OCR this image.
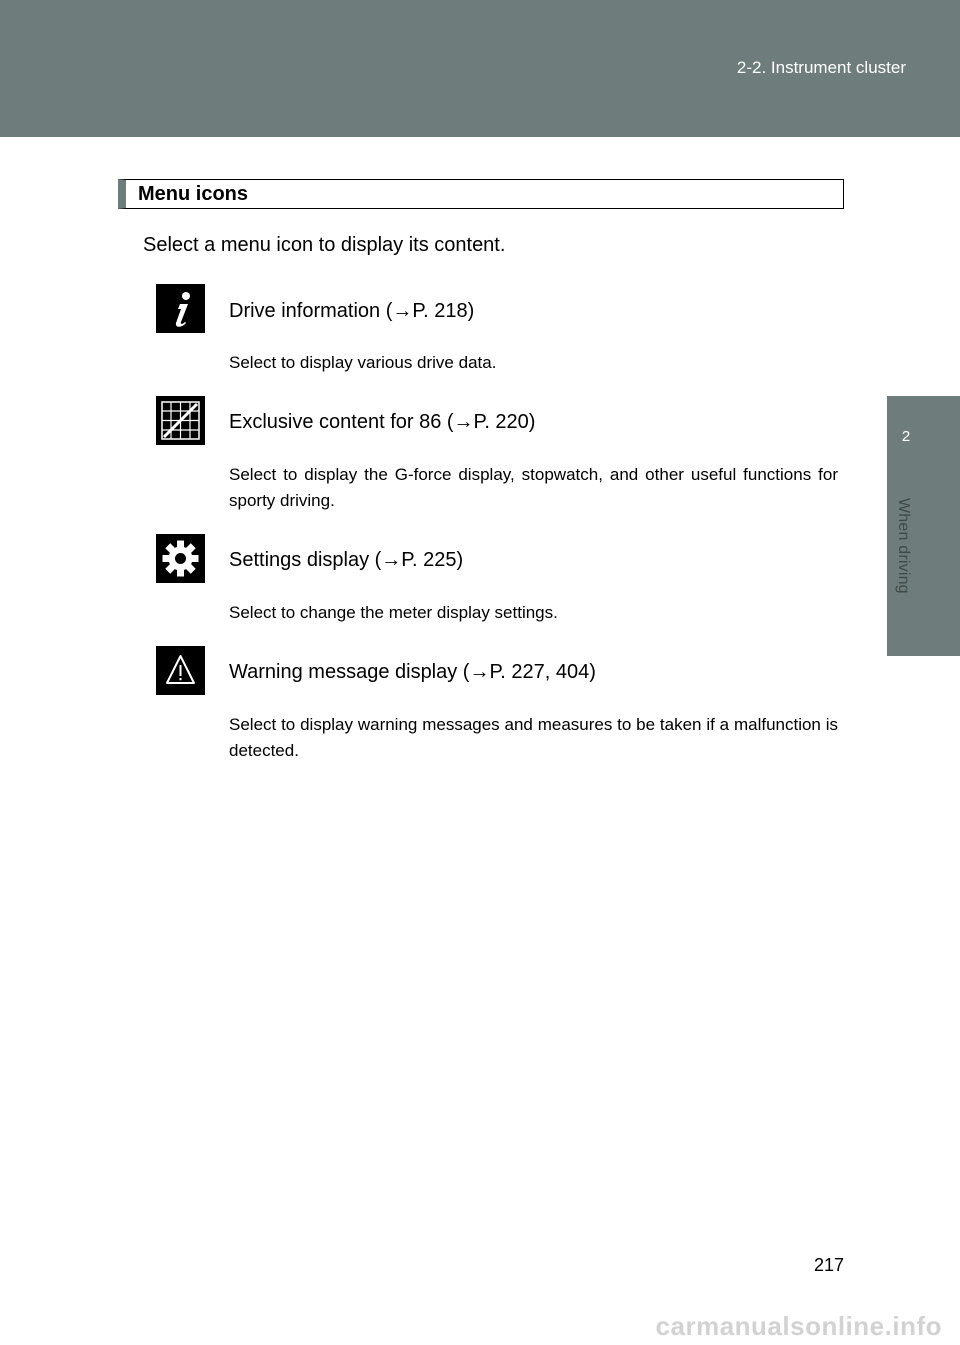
2-2. Instrument cluster
2
When driving
Menu icons
Select a menu icon to display its content.
Drive information (→P. 218)
Select to display various drive data.
Exclusive content for 86 (→P. 220)
Select to display the G-force display, stopwatch, and other useful functions for sporty driving.
Settings display (→P. 225)
Select to change the meter display settings.
Warning message display (→P. 227, 404)
Select to display warning messages and measures to be taken if a malfunction is detected.
217
carmanualsonline.info
